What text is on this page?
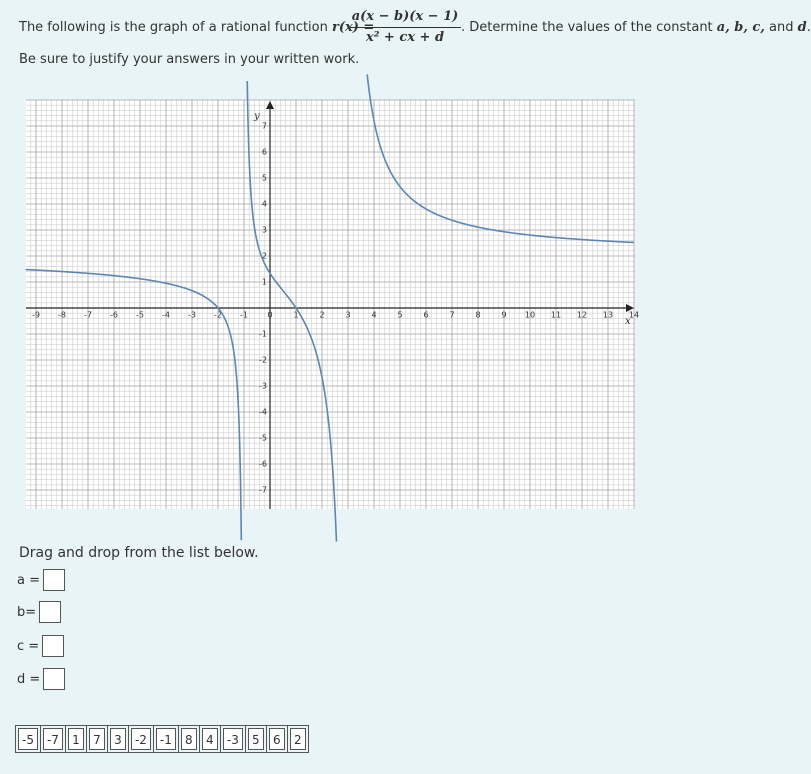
The following is the graph of a rational function r(x) =
a(x − b)(x − 1)
x² + cx + d
. Determine the values of the constant a, b, c, and d.
Be sure to justify your answers in your written work.
-9 -8 -7 -6 -5 -4 -3 -2 -1 0	1	2	3	4	5	6	7	8	9 10 11 12 13 14
7
6
5
4
3
2
1
-1
-2
-3
-4
-5
-6
-7
x
y
Drag and drop from the list below.
a =
b=
c =
d =
-5	-7	1	7	3	-2	-1	8	4	-3	5	6	2
